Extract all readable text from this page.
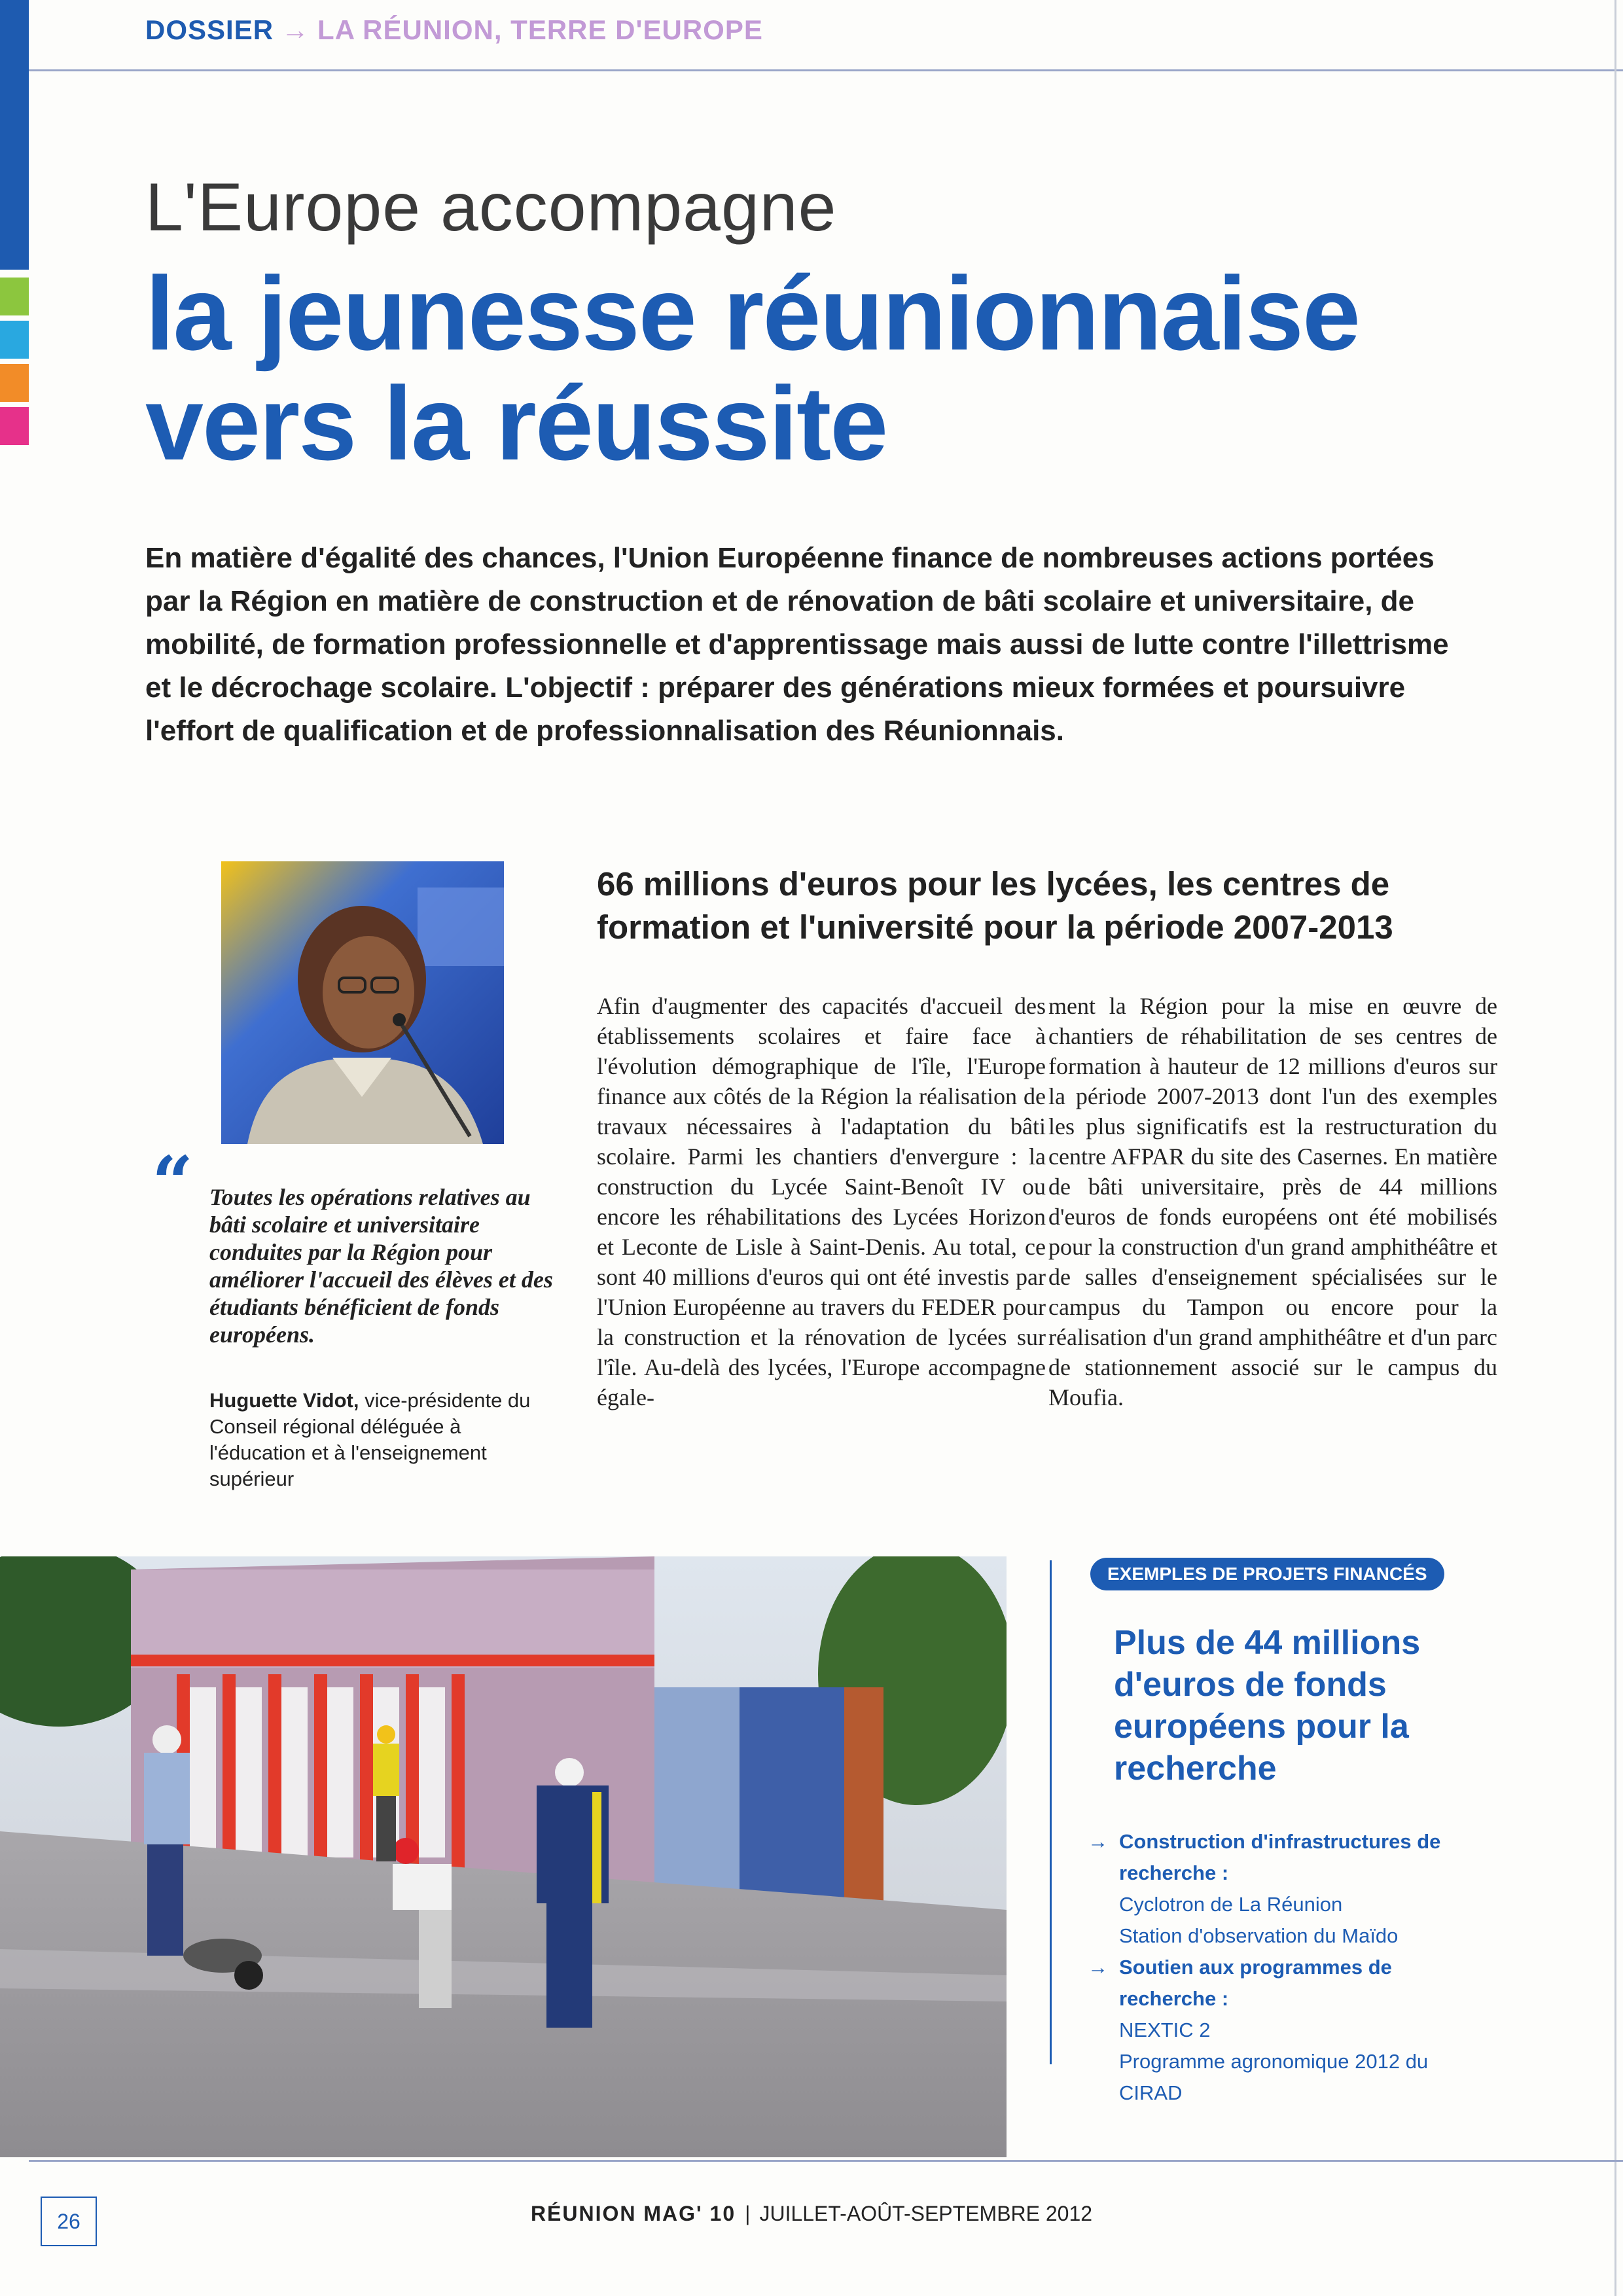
DOSSIER → LA RÉUNION, TERRE D'EUROPE
L'Europe accompagne
la jeunesse réunionnaise
vers la réussite
En matière d'égalité des chances, l'Union Européenne finance de nombreuses actions portées par la Région en matière de construction et de rénovation de bâti scolaire et universitaire, de mobilité, de formation professionnelle et d'apprentissage mais aussi de lutte contre l'illettrisme et le décrochage scolaire. L'objectif : préparer des générations mieux formées et poursuivre l'effort de qualification et de professionnalisation des Réunionnais.
“ Toutes les opérations relatives au bâti scolaire et universitaire conduites par la Région pour améliorer l'accueil des élèves et des étudiants bénéficient de fonds européens.
Huguette Vidot, vice-présidente du Conseil régional déléguée à l'éducation et à l'enseignement supérieur
66 millions d'euros pour les lycées, les centres de formation et l'université pour la période 2007-2013
Afin d'augmenter des capacités d'accueil des établissements scolaires et faire face à l'évolution démographique de l'île, l'Europe finance aux côtés de la Région la réalisation de travaux nécessaires à l'adaptation du bâti scolaire. Parmi les chantiers d'envergure : la construction du Lycée Saint-Benoît IV ou encore les réhabilitations des Lycées Horizon et Leconte de Lisle à Saint-Denis. Au total, ce sont 40 millions d'euros qui ont été investis par l'Union Européenne au travers du FEDER pour la construction et la rénovation de lycées sur l'île. Au-delà des lycées, l'Europe accompagne égale-
ment la Région pour la mise en œuvre de chantiers de réhabilitation de ses centres de formation à hauteur de 12 millions d'euros sur la période 2007-2013 dont l'un des exemples les plus significatifs est la restructuration du centre AFPAR du site des Casernes. En matière de bâti universitaire, près de 44 millions d'euros de fonds européens ont été mobilisés pour la construction d'un grand amphithéâtre et de salles d'enseignement spécialisées sur le campus du Tampon ou encore pour la réalisation d'un grand amphithéâtre et d'un parc de stationnement associé sur le campus du Moufia.
EXEMPLES DE PROJETS FINANCÉS
Plus de 44 millions d'euros de fonds européens pour la recherche
→ Construction d'infrastructures de recherche :
Cyclotron de La Réunion
Station d'observation du Maïdo
→ Soutien aux programmes de recherche :
NEXTIC 2
Programme agronomique 2012 du CIRAD
26	RÉUNION MAG' 10 | JUILLET-AOÛT-SEPTEMBRE 2012
